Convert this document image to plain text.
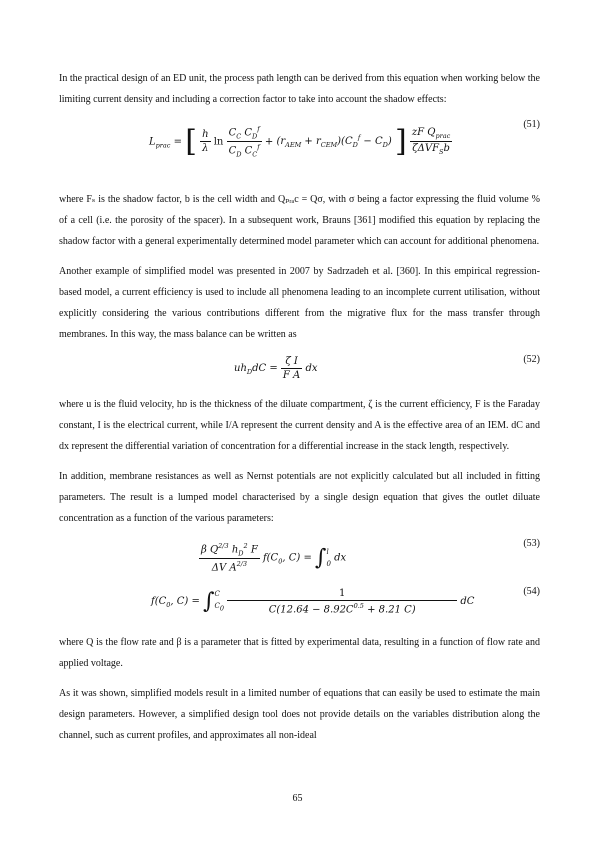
In the practical design of an ED unit, the process path length can be derived from this equation when working below the limiting current density and including a correction factor to take into account the shadow effects:

$L_{prac}$ = [ $\frac{h}{\lambda}$ $\ln \frac{C_C C_D^f}{C_D C_C^f} + (r_{AEM} + r_{CEM})(C_D^f - C_D)$ ] $\frac{zF Q_{prac}}{\zeta\Delta VF_Sb}$
(51)

where Fₛ is the shadow factor, b is the cell width and Qₚᵣₐc = Qσ, with σ being a factor expressing the fluid volume % of a cell (i.e. the porosity of the spacer). In a subsequent work, Brauns [361] modified this equation by replacing the shadow factor with a general experimentally determined model parameter which can account for additional phenomena.

Another example of simplified model was presented in 2007 by Sadrzadeh et al. [360]. In this empirical regression-based model, a current efficiency is used to include all phenomena leading to an incomplete current utilisation, without explicitly considering the various contributions different from the migrative flux for the mass transfer through membranes. In this way, the mass balance can be written as

$uh_DdC = \frac{\text{ζ I}}{\text{F A}}$ dx
(52)

where u is the fluid velocity, hᴅ is the thickness of the diluate compartment, ζ is the current efficiency, F is the Faraday constant, I is the electrical current, while I/A represent the current density and A is the effective area of an IEM. dC and dx represent the differential variation of concentration for a differential increase in the stack length, respectively.

In addition, membrane resistances as well as Nernst potentials are not explicitly calculated but all included in fitting parameters. The result is a lumped model characterised by a single design equation that gives the outlet diluate concentration as a function of the various parameters:

$\frac{\beta Q^{2/3} h_D^2 F}{\Delta V A^{2/3}} f(C_0$, C) = ∫ l
0
dx
(53)
$f(C_0$, C) = ∫ C
$C_0$
$\frac{1}{C(12.64 - 8.92C^{0.5} + 8.21 C)}$ dC
(54)

where Q is the flow rate and β is a parameter that is fitted by experimental data, resulting in a function of flow rate and applied voltage.

As it was shown, simplified models result in a limited number of equations that can easily be used to estimate the main design parameters. However, a simplified design tool does not provide details on the variables distribution along the channel, such as current profiles, and approximates all non-ideal

65
